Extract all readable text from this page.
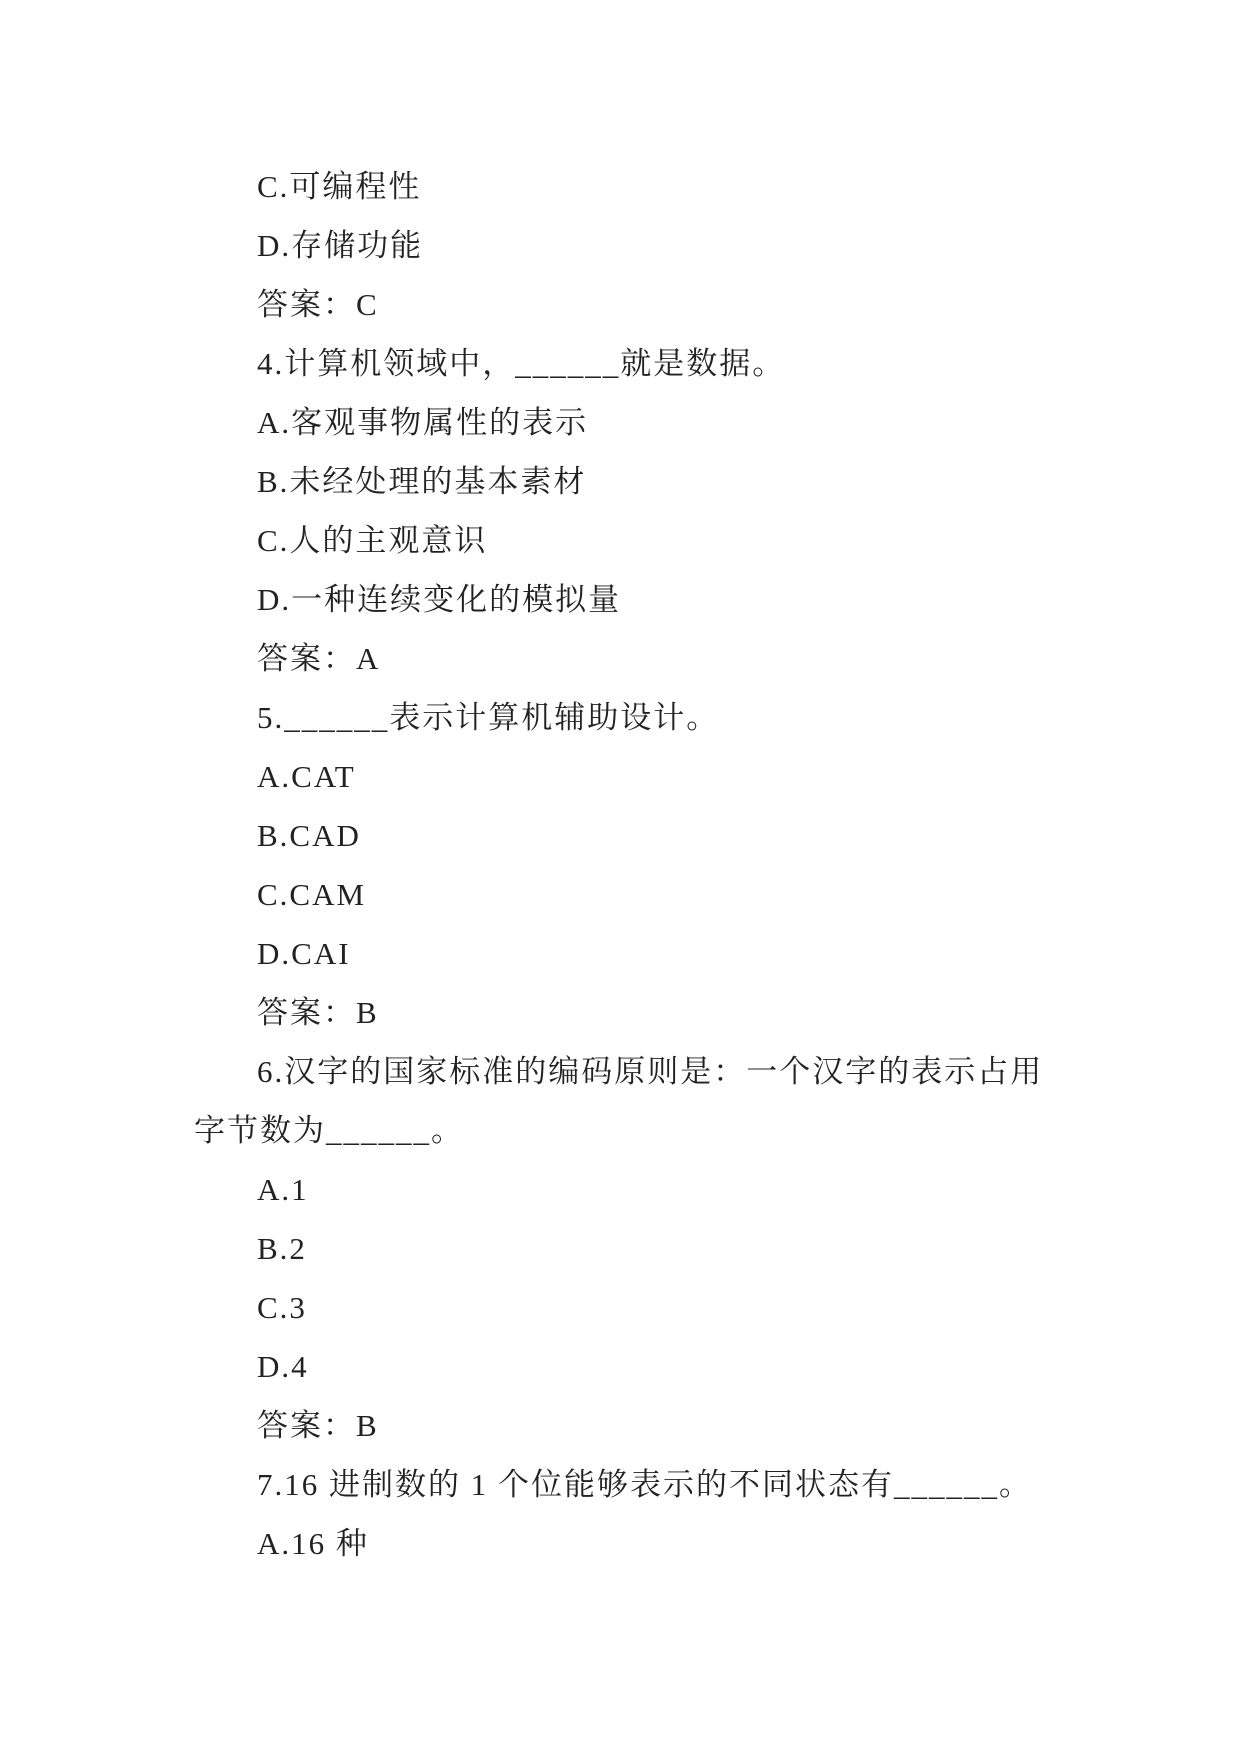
C.可编程性

D.存储功能

答案：C

4.计算机领域中，______就是数据。

A.客观事物属性的表示

B.未经处理的基本素材

C.人的主观意识

D.一种连续变化的模拟量

答案：A

5.______表示计算机辅助设计。

A.CAT

B.CAD

C.CAM

D.CAI

答案：B

6.汉字的国家标准的编码原则是：一个汉字的表示占用

字节数为______。

A.1

B.2

C.3

D.4

答案：B

7.16 进制数的 1 个位能够表示的不同状态有______。

A.16 种
